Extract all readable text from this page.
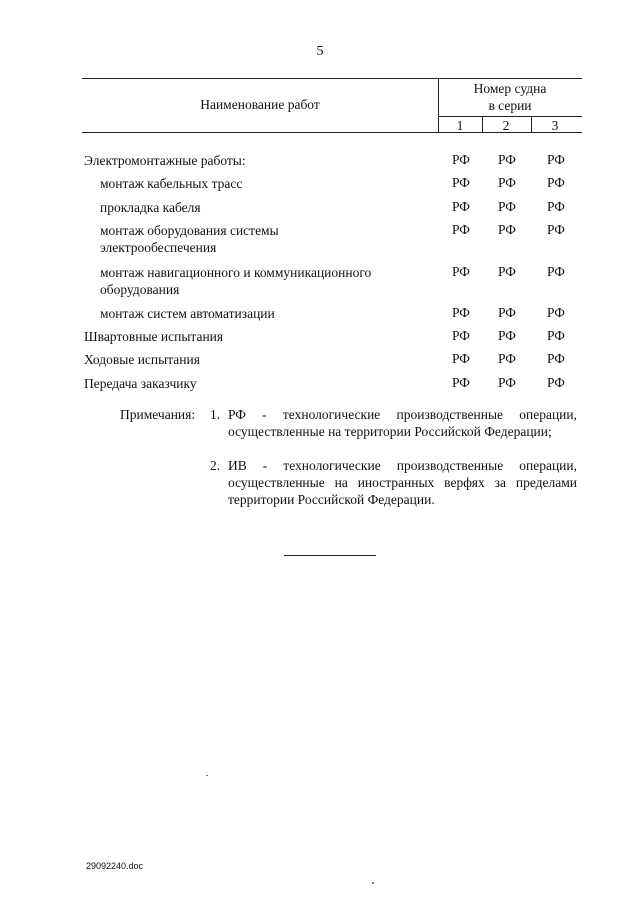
5
Наименование работ
Номер судна
в серии
1	2	3
Электромонтажные работы:	РФ	РФ	РФ
монтаж кабельных трасс	РФ	РФ	РФ
прокладка кабеля	РФ	РФ	РФ
монтаж оборудования системы
электрообеспечения
РФ	РФ	РФ
монтаж навигационного и коммуникационного
оборудования
РФ	РФ	РФ
монтаж систем автоматизации	РФ	РФ	РФ
Швартовные испытания	РФ	РФ	РФ
Ходовые испытания	РФ	РФ	РФ
Передача заказчику	РФ	РФ	РФ
Примечания: 1. РФ - технологические производственные операции, осуществленные на территории Российской Федерации;
2. ИВ - технологические производственные операции, осуществленные на иностранных верфях за пределами территории Российской Федерации.
29092240.doc
